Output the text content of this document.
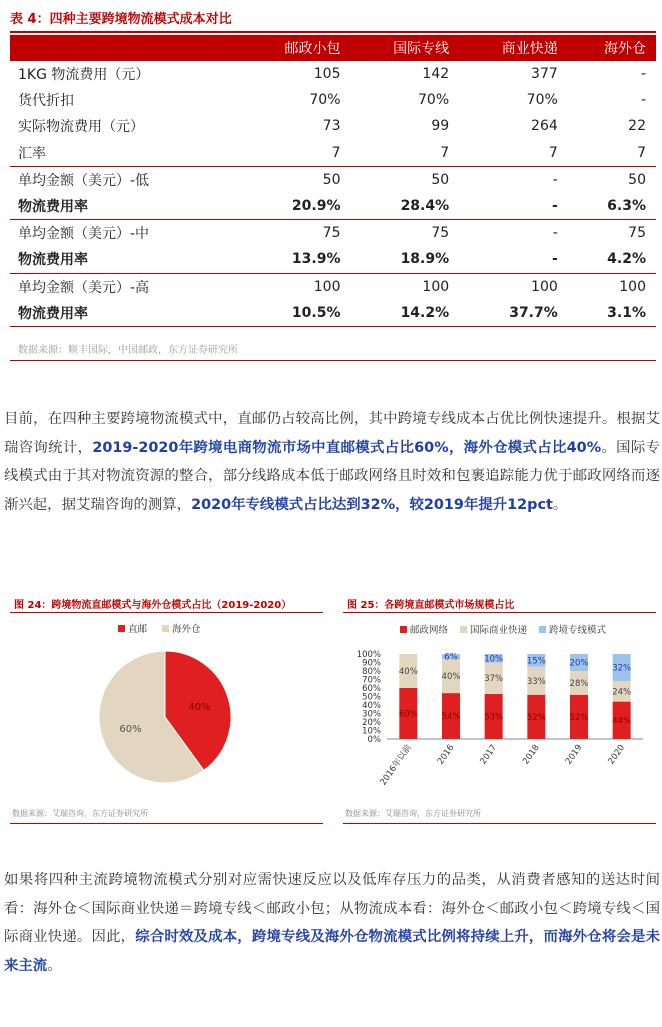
表 4：四种主要跨境物流模式成本对比
	邮政小包	国际专线	商业快递	海外仓
1KG 物流费用（元）	105	142	377	-
货代折扣	70%	70%	70%	-
实际物流费用（元）	73	99	264	22
汇率	7	7	7	7
单均金额（美元）-低	50	50	-	50
物流费用率	20.9%	28.4%	-	6.3%
单均金额（美元）-中	75	75	-	75
物流费用率	13.9%	18.9%	-	4.2%
单均金额（美元）-高	100	100	100	100
物流费用率	10.5%	14.2%	37.7%	3.1%
数据来源：顺丰国际，中国邮政，东方证券研究所

目前，在四种主要跨境物流模式中，直邮仍占较高比例，其中跨境专线成本占优比例快速提升。根据艾瑞咨询统计，2019-2020年跨境电商物流市场中直邮模式占比60%，海外仓模式占比40%。国际专线模式由于其对物流资源的整合，部分线路成本低于邮政网络且时效和包裹追踪能力优于邮政网络而逐渐兴起，据艾瑞咨询的测算，2020年专线模式占比达到32%，较2019年提升12pct。

图 24：跨境物流直邮模式与海外仓模式占比（2019-2020）
直邮	海外仓
40%
60%
数据来源：艾瑞咨询，东方证券研究所
图 25：各跨境直邮模式市场规模占比
邮政网络 国际商业快递 跨境专线模式
0%
10%
20%
30%
40%
50%
60%
70%
80%
90%
100%
60%
40%
2016年以前
54%
40%
6%
2016
53%
37%
10%
2017
52%
33%
15%
2018
52%
28%
20%
2019
44%
24%
32%
2020
数据来源：艾瑞咨询，东方证券研究所

如果将四种主流跨境物流模式分别对应需快速反应以及低库存压力的品类，从消费者感知的送达时间看：海外仓＜国际商业快递＝跨境专线＜邮政小包；从物流成本看：海外仓＜邮政小包＜跨境专线＜国际商业快递。因此，综合时效及成本，跨境专线及海外仓物流模式比例将持续上升，而海外仓将会是未来主流。
